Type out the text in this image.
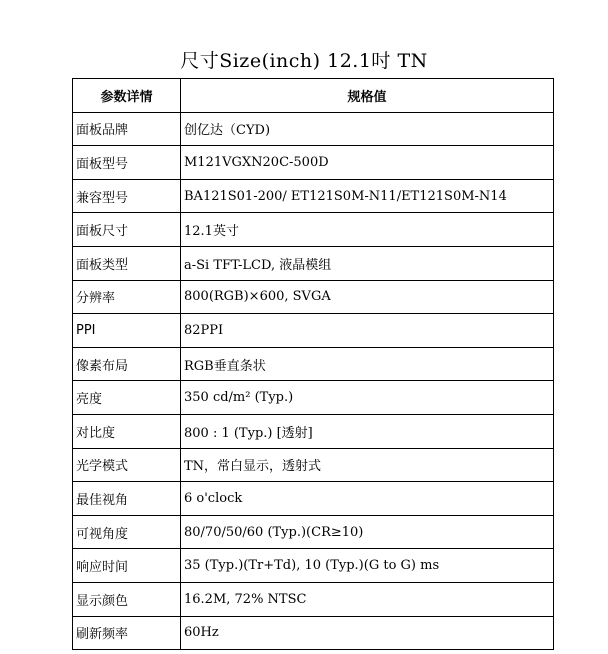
尺寸Size(inch) 12.1吋 TN
参数详情	规格值
面板品牌	创亿达（CYD)
面板型号	M121VGXN20C-500D
兼容型号	BA121S01-200/ ET121S0M-N11/ET121S0M-N14
面板尺寸	12.1英寸
面板类型	a-Si TFT-LCD, 液晶模组
分辨率	800(RGB)×600, SVGA
PPI	82PPI
像素布局	RGB垂直条状
亮度	350 cd/m² (Typ.)
对比度	800 : 1 (Typ.) [透射]
光学模式	TN，常白显示，透射式
最佳视角	6 o'clock
可视角度	80/70/50/60 (Typ.)(CR≥10)
响应时间	35 (Typ.)(Tr+Td), 10 (Typ.)(G to G) ms
显示颜色	16.2M, 72% NTSC
刷新频率	60Hz
